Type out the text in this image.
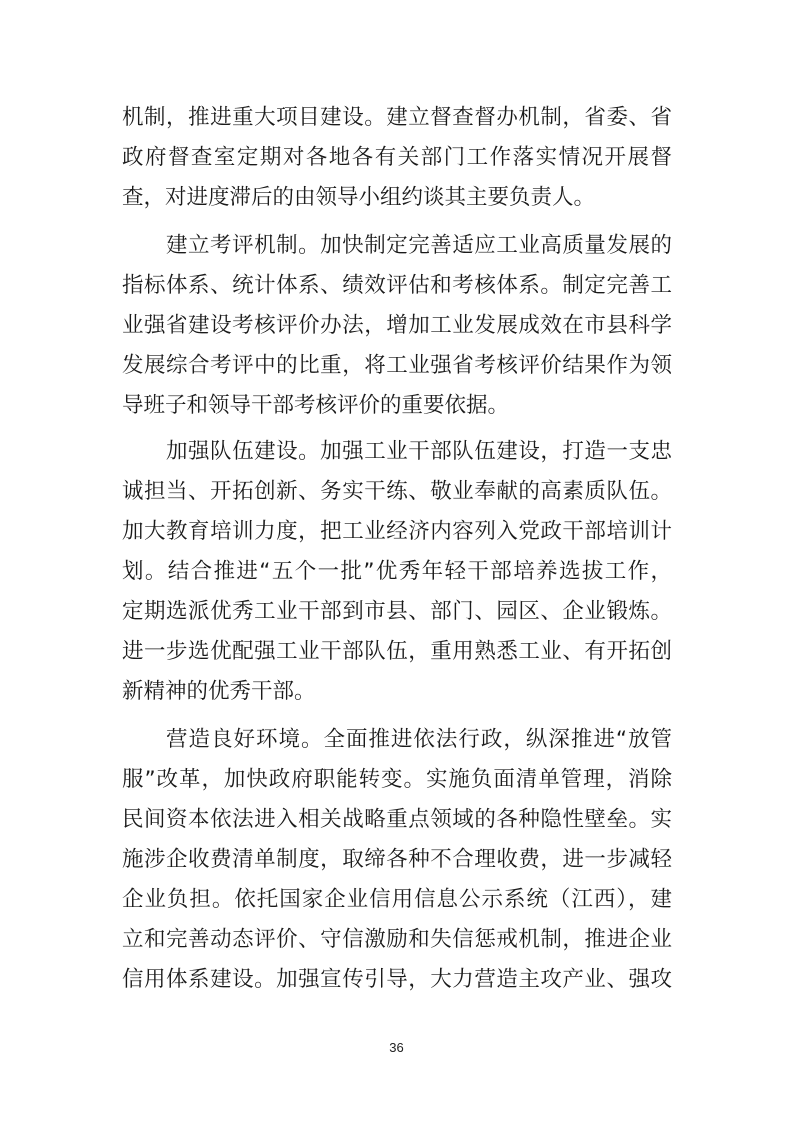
机制，推进重大项目建设。建立督查督办机制，省委、省
政府督查室定期对各地各有关部门工作落实情况开展督
查，对进度滞后的由领导小组约谈其主要负责人。
建立考评机制。加快制定完善适应工业高质量发展的
指标体系、统计体系、绩效评估和考核体系。制定完善工
业强省建设考核评价办法，增加工业发展成效在市县科学
发展综合考评中的比重，将工业强省考核评价结果作为领
导班子和领导干部考核评价的重要依据。
加强队伍建设。加强工业干部队伍建设，打造一支忠
诚担当、开拓创新、务实干练、敬业奉献的高素质队伍。
加大教育培训力度，把工业经济内容列入党政干部培训计
划。结合推进“五个一批”优秀年轻干部培养选拔工作，
定期选派优秀工业干部到市县、部门、园区、企业锻炼。
进一步选优配强工业干部队伍，重用熟悉工业、有开拓创
新精神的优秀干部。
营造良好环境。全面推进依法行政，纵深推进“放管
服”改革，加快政府职能转变。实施负面清单管理，消除
民间资本依法进入相关战略重点领域的各种隐性壁垒。实
施涉企收费清单制度，取缔各种不合理收费，进一步减轻
企业负担。依托国家企业信用信息公示系统（江西），建
立和完善动态评价、守信激励和失信惩戒机制，推进企业
信用体系建设。加强宣传引导，大力营造主攻产业、强攻
36
